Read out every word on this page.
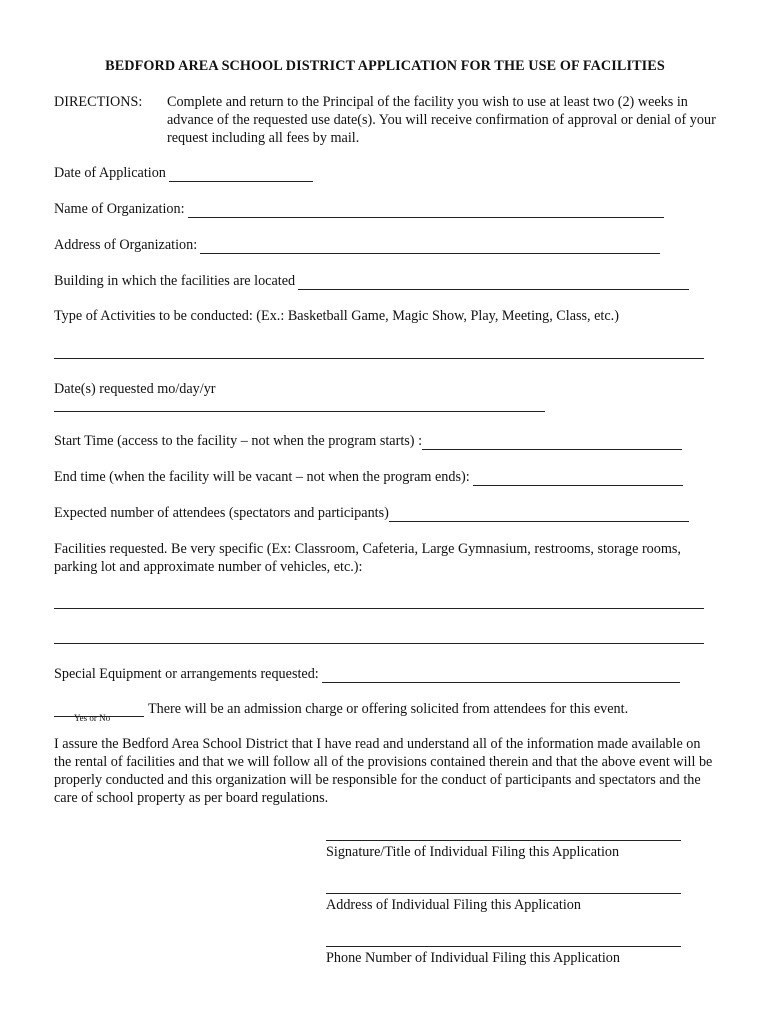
BEDFORD AREA SCHOOL DISTRICT APPLICATION FOR THE USE OF FACILITIES
DIRECTIONS: Complete and return to the Principal of the facility you wish to use at least two (2) weeks in advance of the requested use date(s). You will receive confirmation of approval or denial of your request including all fees by mail.
Date of Application
Name of Organization:
Address of Organization:
Building in which the facilities are located
Type of Activities to be conducted: (Ex.: Basketball Game, Magic Show, Play, Meeting, Class, etc.)
Date(s) requested mo/day/yr
Start Time (access to the facility – not when the program starts) :
End time (when the facility will be vacant – not when the program ends):
Expected number of attendees (spectators and participants)
Facilities requested. Be very specific (Ex: Classroom, Cafeteria, Large Gymnasium, restrooms, storage rooms, parking lot and approximate number of vehicles, etc.):
Special Equipment or arrangements requested:
There will be an admission charge or offering solicited from attendees for this event.
Yes or No
I assure the Bedford Area School District that I have read and understand all of the information made available on the rental of facilities and that we will follow all of the provisions contained therein and that the above event will be properly conducted and this organization will be responsible for the conduct of participants and spectators and the care of school property as per board regulations.
Signature/Title of Individual Filing this Application
Address of Individual Filing this Application
Phone Number of Individual Filing this Application
